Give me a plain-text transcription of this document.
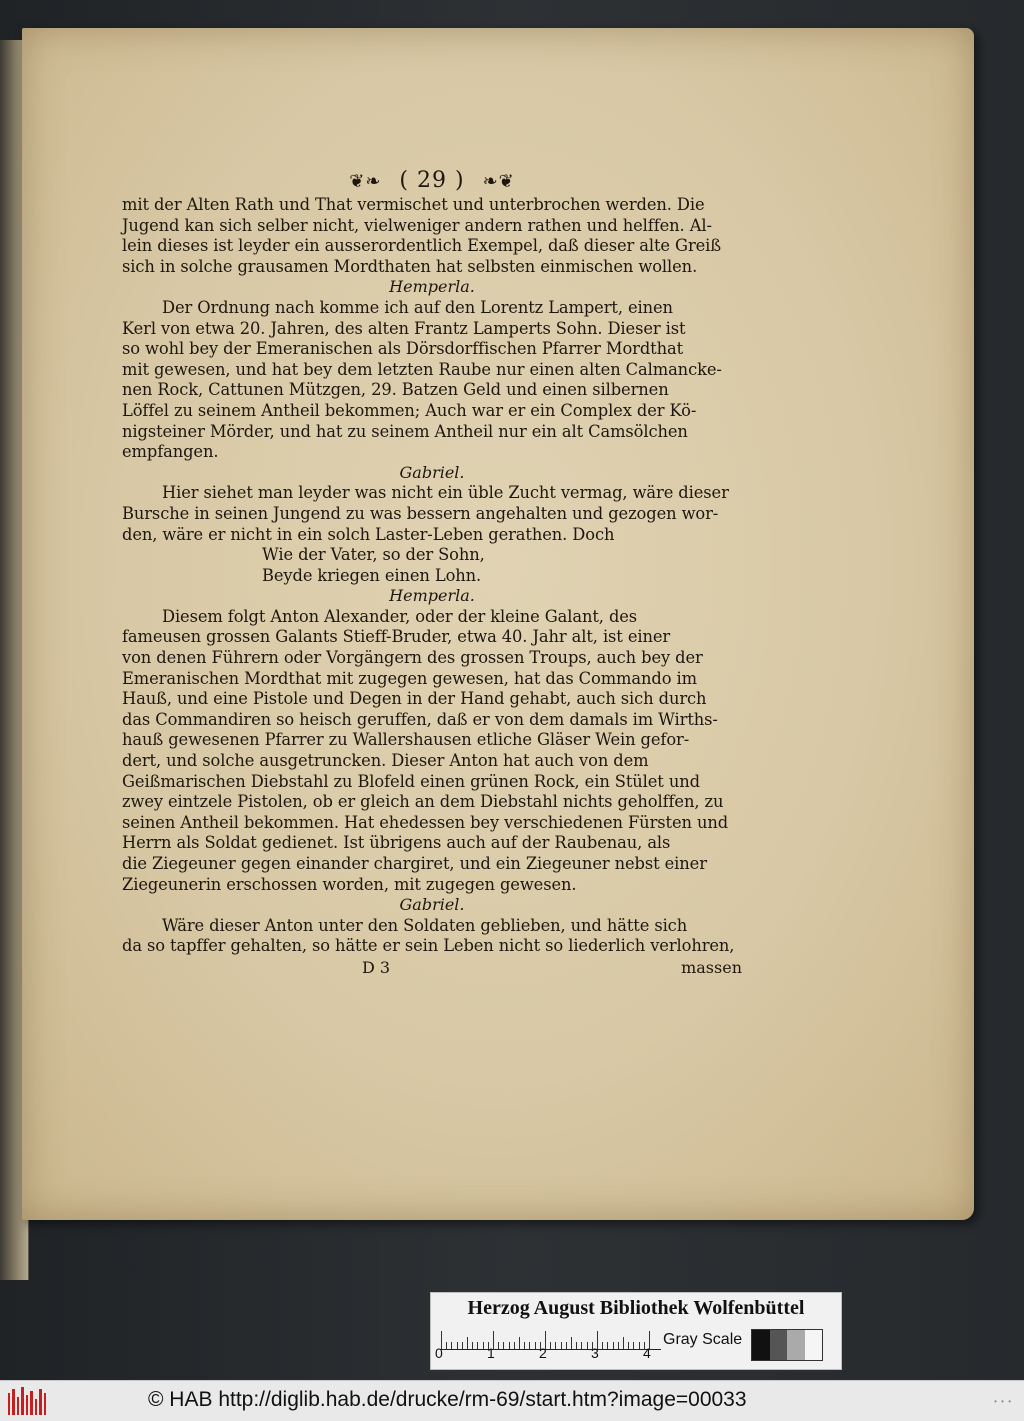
❦❧ ( 29 ) ❧❦
mit der Alten Rath und That vermischet und unterbrochen werden. Die
Jugend kan sich selber nicht, vielweniger andern rathen und helffen. Al-
lein dieses ist leyder ein ausserordentlich Exempel, daß dieser alte Greiß
sich in solche grausamen Mordthaten hat selbsten einmischen wollen.
Hemperla.
Der Ordnung nach komme ich auf den Lorentz Lampert, einen
Kerl von etwa 20. Jahren, des alten Frantz Lamperts Sohn. Dieser ist
so wohl bey der Emeranischen als Dörsdorffischen Pfarrer Mordthat
mit gewesen, und hat bey dem letzten Raube nur einen alten Calmancke-
nen Rock, Cattunen Mützgen, 29. Batzen Geld und einen silbernen
Löffel zu seinem Antheil bekommen; Auch war er ein Complex der Kö-
nigsteiner Mörder, und hat zu seinem Antheil nur ein alt Camsölchen
empfangen.
Gabriel.
Hier siehet man leyder was nicht ein üble Zucht vermag, wäre dieser
Bursche in seinen Jungend zu was bessern angehalten und gezogen wor-
den, wäre er nicht in ein solch Laster-Leben gerathen. Doch
Wie der Vater, so der Sohn,
Beyde kriegen einen Lohn.
Hemperla.
Diesem folgt Anton Alexander, oder der kleine Galant, des
fameusen grossen Galants Stieff-Bruder, etwa 40. Jahr alt, ist einer
von denen Führern oder Vorgängern des grossen Troups, auch bey der
Emeranischen Mordthat mit zugegen gewesen, hat das Commando im
Hauß, und eine Pistole und Degen in der Hand gehabt, auch sich durch
das Commandiren so heisch geruffen, daß er von dem damals im Wirths-
hauß gewesenen Pfarrer zu Wallershausen etliche Gläser Wein gefor-
dert, und solche ausgetruncken. Dieser Anton hat auch von dem
Geißmarischen Diebstahl zu Blofeld einen grünen Rock, ein Stület und
zwey eintzele Pistolen, ob er gleich an dem Diebstahl nichts geholffen, zu
seinen Antheil bekommen. Hat ehedessen bey verschiedenen Fürsten und
Herrn als Soldat gedienet. Ist übrigens auch auf der Raubenau, als
die Ziegeuner gegen einander chargiret, und ein Ziegeuner nebst einer
Ziegeunerin erschossen worden, mit zugegen gewesen.
Gabriel.
Wäre dieser Anton unter den Soldaten geblieben, und hätte sich
da so tapffer gehalten, so hätte er sein Leben nicht so liederlich verlohren,
D 3	massen
Herzog August Bibliothek Wolfenbüttel
0	1	2	3	4
Gray Scale
© HAB http://diglib.hab.de/drucke/rm-69/start.htm?image=00033	• • •
